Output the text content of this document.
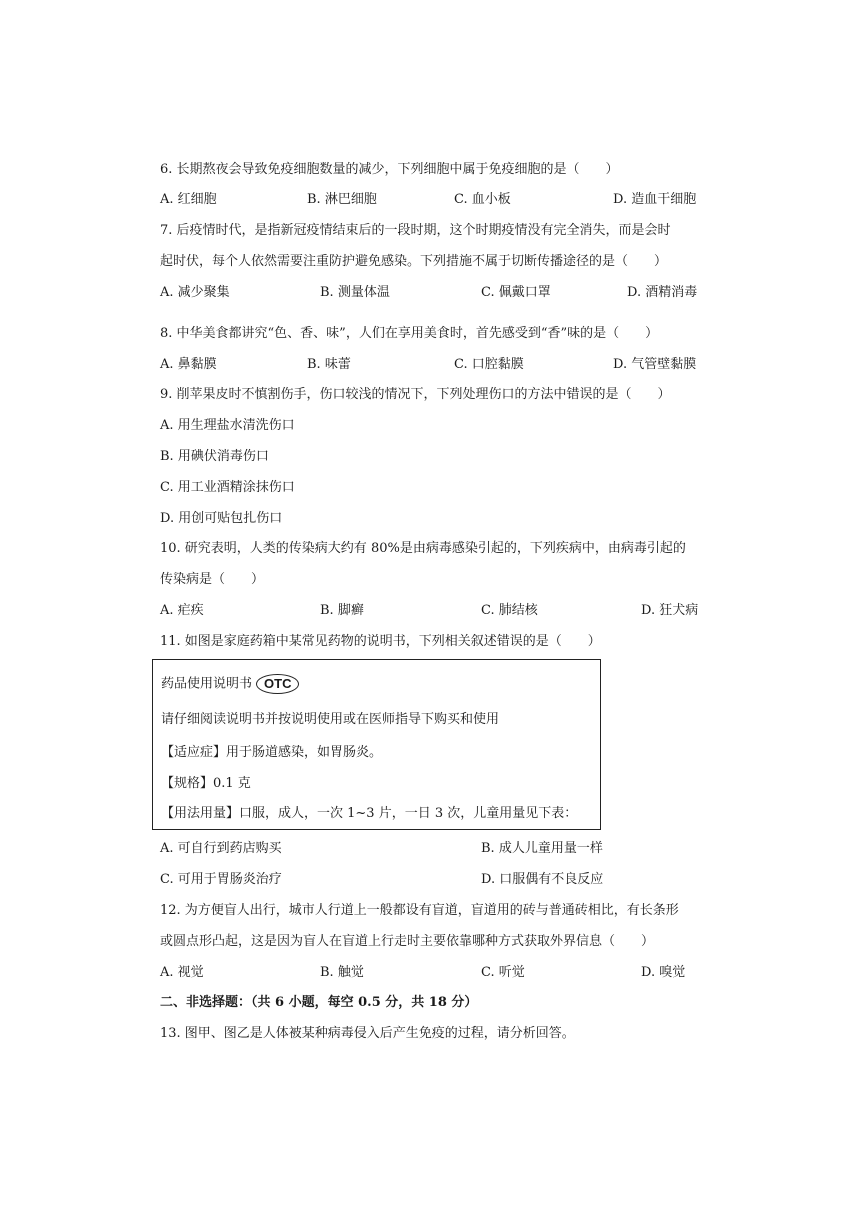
6. 长期熬夜会导致免疫细胞数量的减少，下列细胞中属于免疫细胞的是（　　）
A. 红细胞	B. 淋巴细胞	C. 血小板	D. 造血干细胞
7. 后疫情时代，是指新冠疫情结束后的一段时期，这个时期疫情没有完全消失，而是会时
起时伏，每个人依然需要注重防护避免感染。下列措施不属于切断传播途径的是（　　）
A. 减少聚集	B. 测量体温	C. 佩戴口罩	D. 酒精消毒
8. 中华美食都讲究“色、香、味”，人们在享用美食时，首先感受到“香”味的是（　　）
A. 鼻黏膜	B. 味蕾	C. 口腔黏膜	D. 气管壁黏膜
9. 削苹果皮时不慎割伤手，伤口较浅的情况下，下列处理伤口的方法中错误的是（　　）
A. 用生理盐水清洗伤口
B. 用碘伏消毒伤口
C. 用工业酒精涂抹伤口
D. 用创可贴包扎伤口
10. 研究表明，人类的传染病大约有 80%是由病毒感染引起的，下列疾病中，由病毒引起的
传染病是（　　）
A. 疟疾	B. 脚癣	C. 肺结核	D. 狂犬病
11. 如图是家庭药箱中某常见药物的说明书，下列相关叙述错误的是（　　）
药品使用说明书 OTC
请仔细阅读说明书并按说明使用或在医师指导下购买和使用
【适应症】用于肠道感染，如胃肠炎。
【规格】0.1 克
【用法用量】口服，成人，一次 1~3 片，一日 3 次，儿童用量见下表：
A. 可自行到药店购买	B. 成人儿童用量一样
C. 可用于胃肠炎治疗	D. 口服偶有不良反应
12. 为方便盲人出行，城市人行道上一般都设有盲道，盲道用的砖与普通砖相比，有长条形
或圆点形凸起，这是因为盲人在盲道上行走时主要依靠哪种方式获取外界信息（　　）
A. 视觉	B. 触觉	C. 听觉	D. 嗅觉
二、非选择题：（共 6 小题，每空 0.5 分，共 18 分）
13. 图甲、图乙是人体被某种病毒侵入后产生免疫的过程，请分析回答。
